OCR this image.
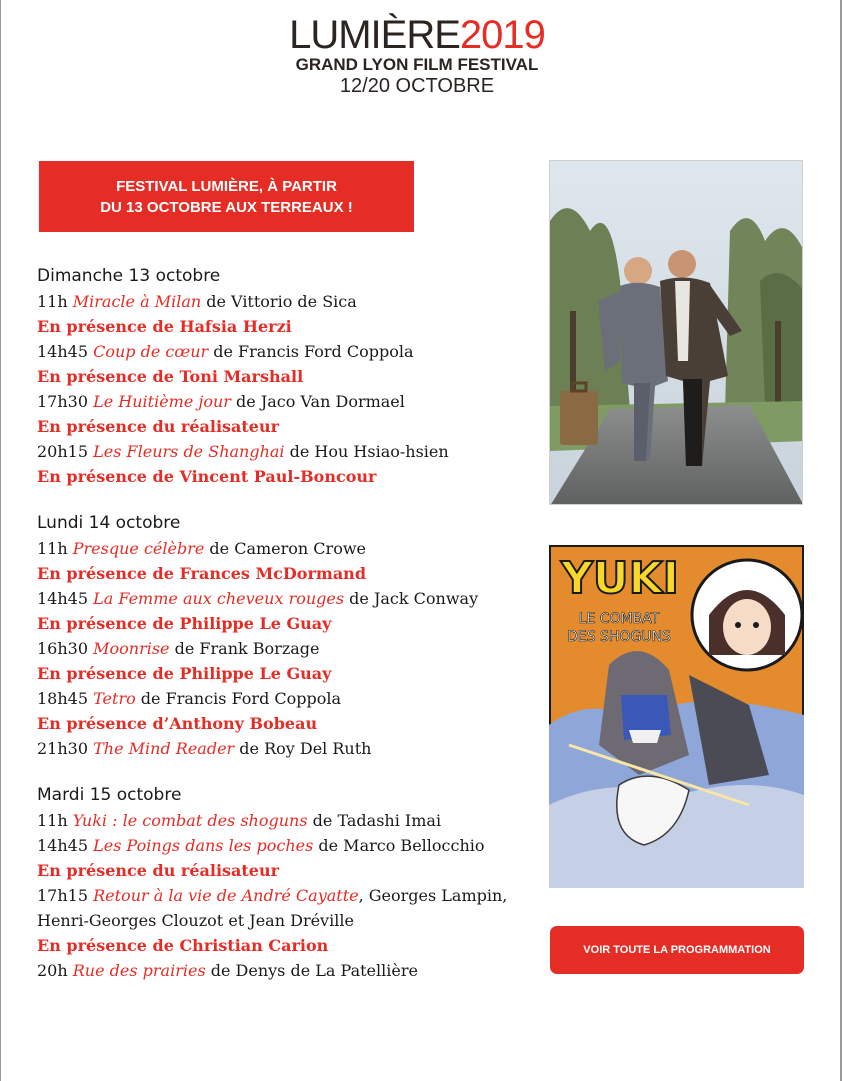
LUMIÈRE2019
GRAND LYON FILM FESTIVAL
12/20 OCTOBRE
FESTIVAL LUMIÈRE, À PARTIR
DU 13 OCTOBRE AUX TERREAUX !
Dimanche 13 octobre
11h Miracle à Milan de Vittorio de Sica
En présence de Hafsia Herzi
14h45 Coup de cœur de Francis Ford Coppola
En présence de Toni Marshall
17h30 Le Huitième jour de Jaco Van Dormael
En présence du réalisateur
20h15 Les Fleurs de Shanghai de Hou Hsiao-hsien
En présence de Vincent Paul-Boncour
Lundi 14 octobre
11h Presque célèbre de Cameron Crowe
En présence de Frances McDormand
14h45 La Femme aux cheveux rouges de Jack Conway
En présence de Philippe Le Guay
16h30 Moonrise de Frank Borzage
En présence de Philippe Le Guay
18h45 Tetro de Francis Ford Coppola
En présence d’Anthony Bobeau
21h30 The Mind Reader de Roy Del Ruth
Mardi 15 octobre
11h Yuki : le combat des shoguns de Tadashi Imai
14h45 Les Poings dans les poches de Marco Bellocchio
En présence du réalisateur
17h15 Retour à la vie de André Cayatte, Georges Lampin,
Henri-Georges Clouzot et Jean Dréville
En présence de Christian Carion
20h Rue des prairies de Denys de La Patellière
YUKI
LE COMBAT
DES SHOGUNS
VOIR TOUTE LA PROGRAMMATION
